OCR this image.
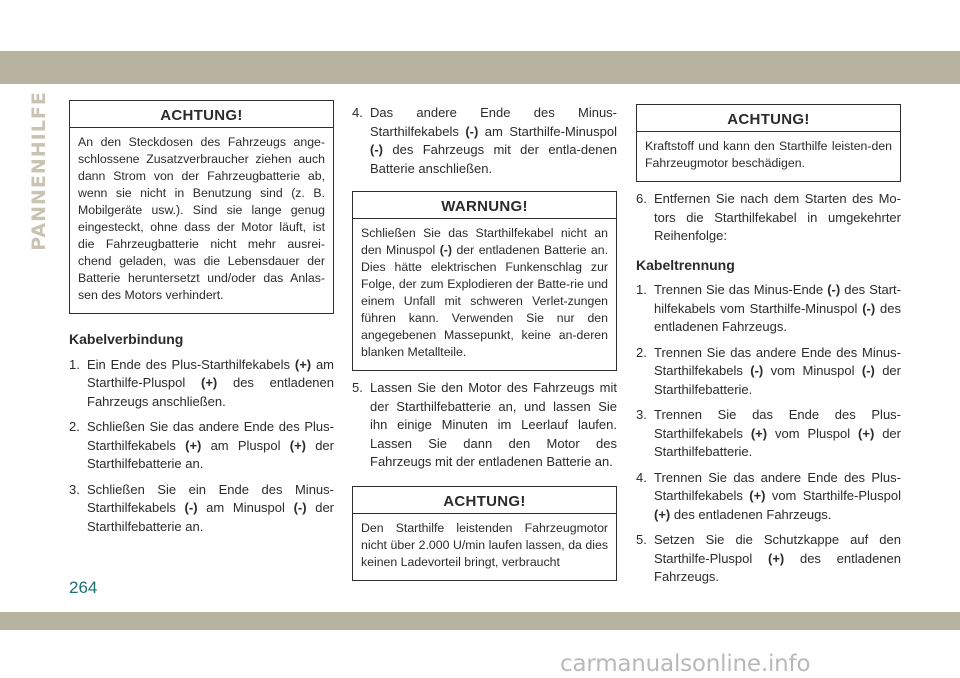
PANNENHILFE	ACHTUNG!
An den Steckdosen des Fahrzeugs ange-schlossene Zusatzverbraucher ziehen auch dann Strom von der Fahrzeugbatterie ab, wenn sie nicht in Benutzung sind (z. B. Mobilgeräte usw.). Sind sie lange genug eingesteckt, ohne dass der Motor läuft, ist die Fahrzeugbatterie nicht mehr ausrei-chend geladen, was die Lebensdauer der Batterie heruntersetzt und/oder das Anlas-sen des Motors verhindert.
Kabelverbindung
1. Ein Ende des Plus-Starthilfekabels (+) am Starthilfe-Pluspol (+) des entladenen Fahrzeugs anschließen.
2. Schließen Sie das andere Ende des Plus-Starthilfekabels (+) am Pluspol (+) der Starthilfebatterie an.
3. Schließen Sie ein Ende des Minus-Starthilfekabels (-) am Minuspol (-) der Starthilfebatterie an.
4. Das andere Ende des Minus-Starthilfekabels (-) am Starthilfe-Minuspol (-) des Fahrzeugs mit der entla-denen Batterie anschließen.
WARNUNG!
Schließen Sie das Starthilfekabel nicht an den Minuspol (-) der entladenen Batterie an. Dies hätte elektrischen Funkenschlag zur Folge, der zum Explodieren der Batte-rie und einem Unfall mit schweren Verlet-zungen führen kann. Verwenden Sie nur den angegebenen Massepunkt, keine an-deren blanken Metallteile.
5. Lassen Sie den Motor des Fahrzeugs mit der Starthilfebatterie an, und lassen Sie ihn einige Minuten im Leerlauf laufen. Lassen Sie dann den Motor des Fahrzeugs mit der entladenen Batterie an.
ACHTUNG!
Den Starthilfe leistenden Fahrzeugmotor nicht über 2.000 U/min laufen lassen, da dies keinen Ladevorteil bringt, verbraucht
ACHTUNG!
Kraftstoff und kann den Starthilfe leisten-den Fahrzeugmotor beschädigen.
6. Entfernen Sie nach dem Starten des Mo-tors die Starthilfekabel in umgekehrter Reihenfolge:
Kabeltrennung
1. Trennen Sie das Minus-Ende (-) des Start-hilfekabels vom Starthilfe-Minuspol (-) des entladenen Fahrzeugs.
2. Trennen Sie das andere Ende des Minus-Starthilfekabels (-) vom Minuspol (-) der Starthilfebatterie.
3. Trennen Sie das Ende des Plus-Starthilfekabels (+) vom Pluspol (+) der Starthilfebatterie.
4. Trennen Sie das andere Ende des Plus-Starthilfekabels (+) vom Starthilfe-Pluspol (+) des entladenen Fahrzeugs.
5. Setzen Sie die Schutzkappe auf den Starthilfe-Pluspol (+) des entladenen Fahrzeugs.
264
carmanualsonline.info
